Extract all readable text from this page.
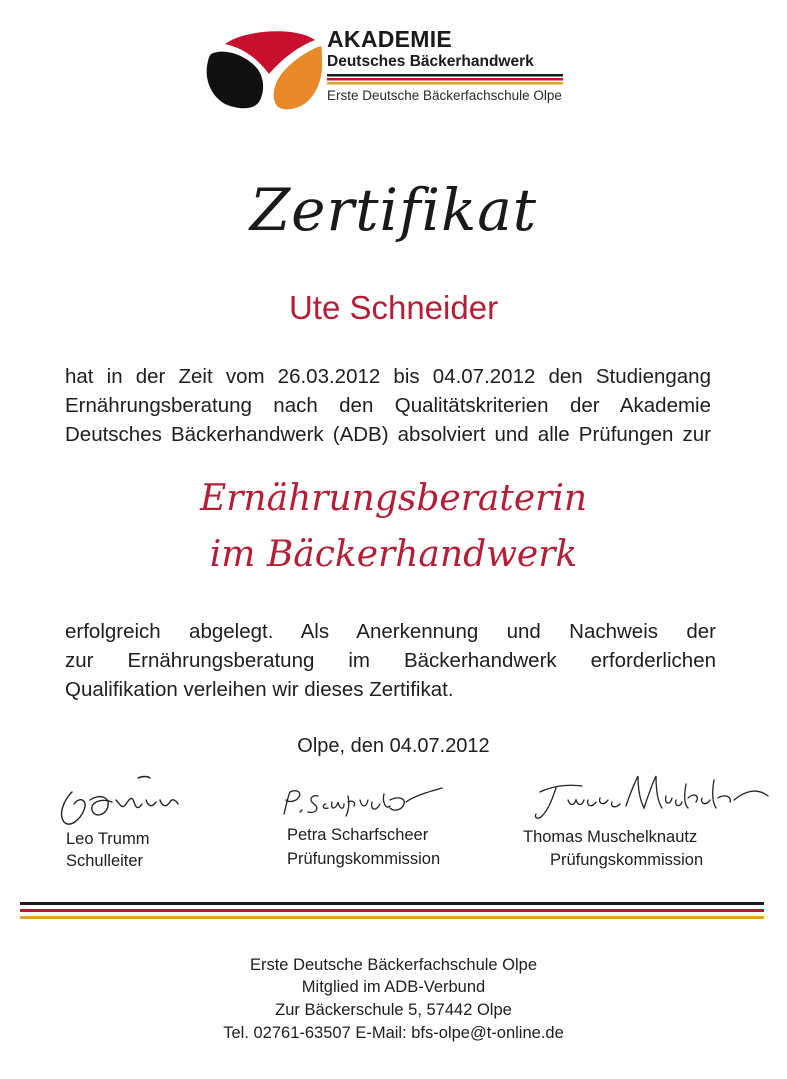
AKADEMIE
Deutsches Bäckerhandwerk
Erste Deutsche Bäckerfachschule Olpe
Zertifikat
Ute Schneider
hat in der Zeit vom 26.03.2012 bis 04.07.2012 den Studiengang
Ernährungsberatung nach den Qualitätskriterien der Akademie
Deutsches Bäckerhandwerk (ADB) absolviert und alle Prüfungen zur
Ernährungsberaterin
im Bäckerhandwerk
erfolgreich abgelegt. Als Anerkennung und Nachweis der
zur Ernährungsberatung im Bäckerhandwerk erforderlichen
Qualifikation verleihen wir dieses Zertifikat.
Olpe, den 04.07.2012
Leo Trumm
Schulleiter
Petra Scharfscheer
Prüfungskommission
Thomas Muschelknautz
Prüfungskommission
Erste Deutsche Bäckerfachschule Olpe
Mitglied im ADB-Verbund
Zur Bäckerschule 5, 57442 Olpe
Tel. 02761-63507 E-Mail: bfs-olpe@t-online.de
